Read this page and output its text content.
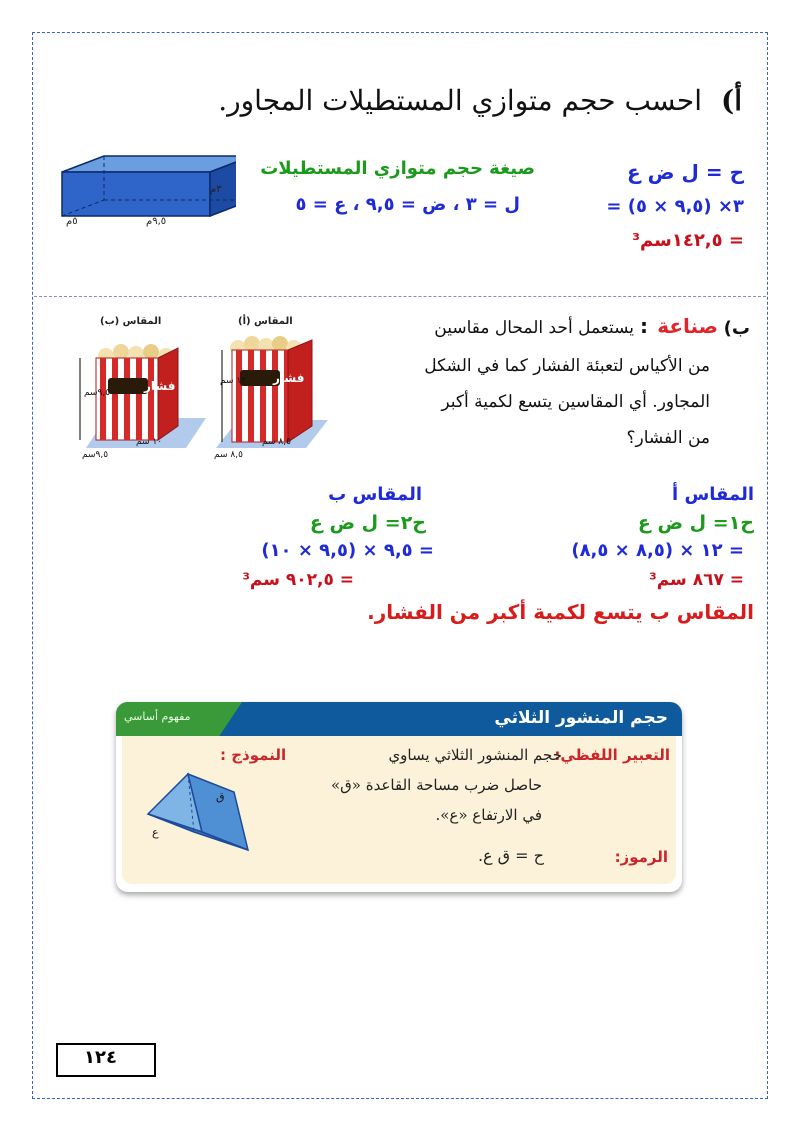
أ)
احسب حجم متوازي المستطيلات المجاور.
ح = ل ض ع
صيغة حجم متوازي المستطيلات
= ٣× (٩,٥ × ٥)
ل = ٣ ، ض = ٩,٥ ، ع = ٥
= ١٤٢,٥سم³
٣م
٩,٥م
٥م
ب)
صناعة
:
يستعمل أحد المحال مقاسين
من الأكياس لتعبئة الفشار كما في الشكل
المجاور. أي المقاسين يتسع لكمية أكبر
من الفشار؟
المقاس (أ)
المقاس (ب)
فشار
فشار
١٢ سم
٨,٥ سم
٨,٥ سم
٩,٥سم
١٠ سم
٩,٥سم
المقاس أ
ح١= ل ض ع
= ١٢ × (٨,٥ × ٨,٥)
= ٨٦٧ سم³
المقاس ب
ح٢= ل ض ع
= ٩,٥ × (٩,٥ × ١٠)
= ٩٠٢,٥ سم³
المقاس ب يتسع لكمية أكبر من الفشار.
مفهوم أساسي	حجم المنشور الثلاثي
التعبير اللفظي:
حجم المنشور الثلاثي يساوي
حاصل ضرب مساحة القاعدة «ق»
في الارتفاع «ع».
النموذج :
الرموز:
ح = ق ع.
ق
ع
١٢٤
